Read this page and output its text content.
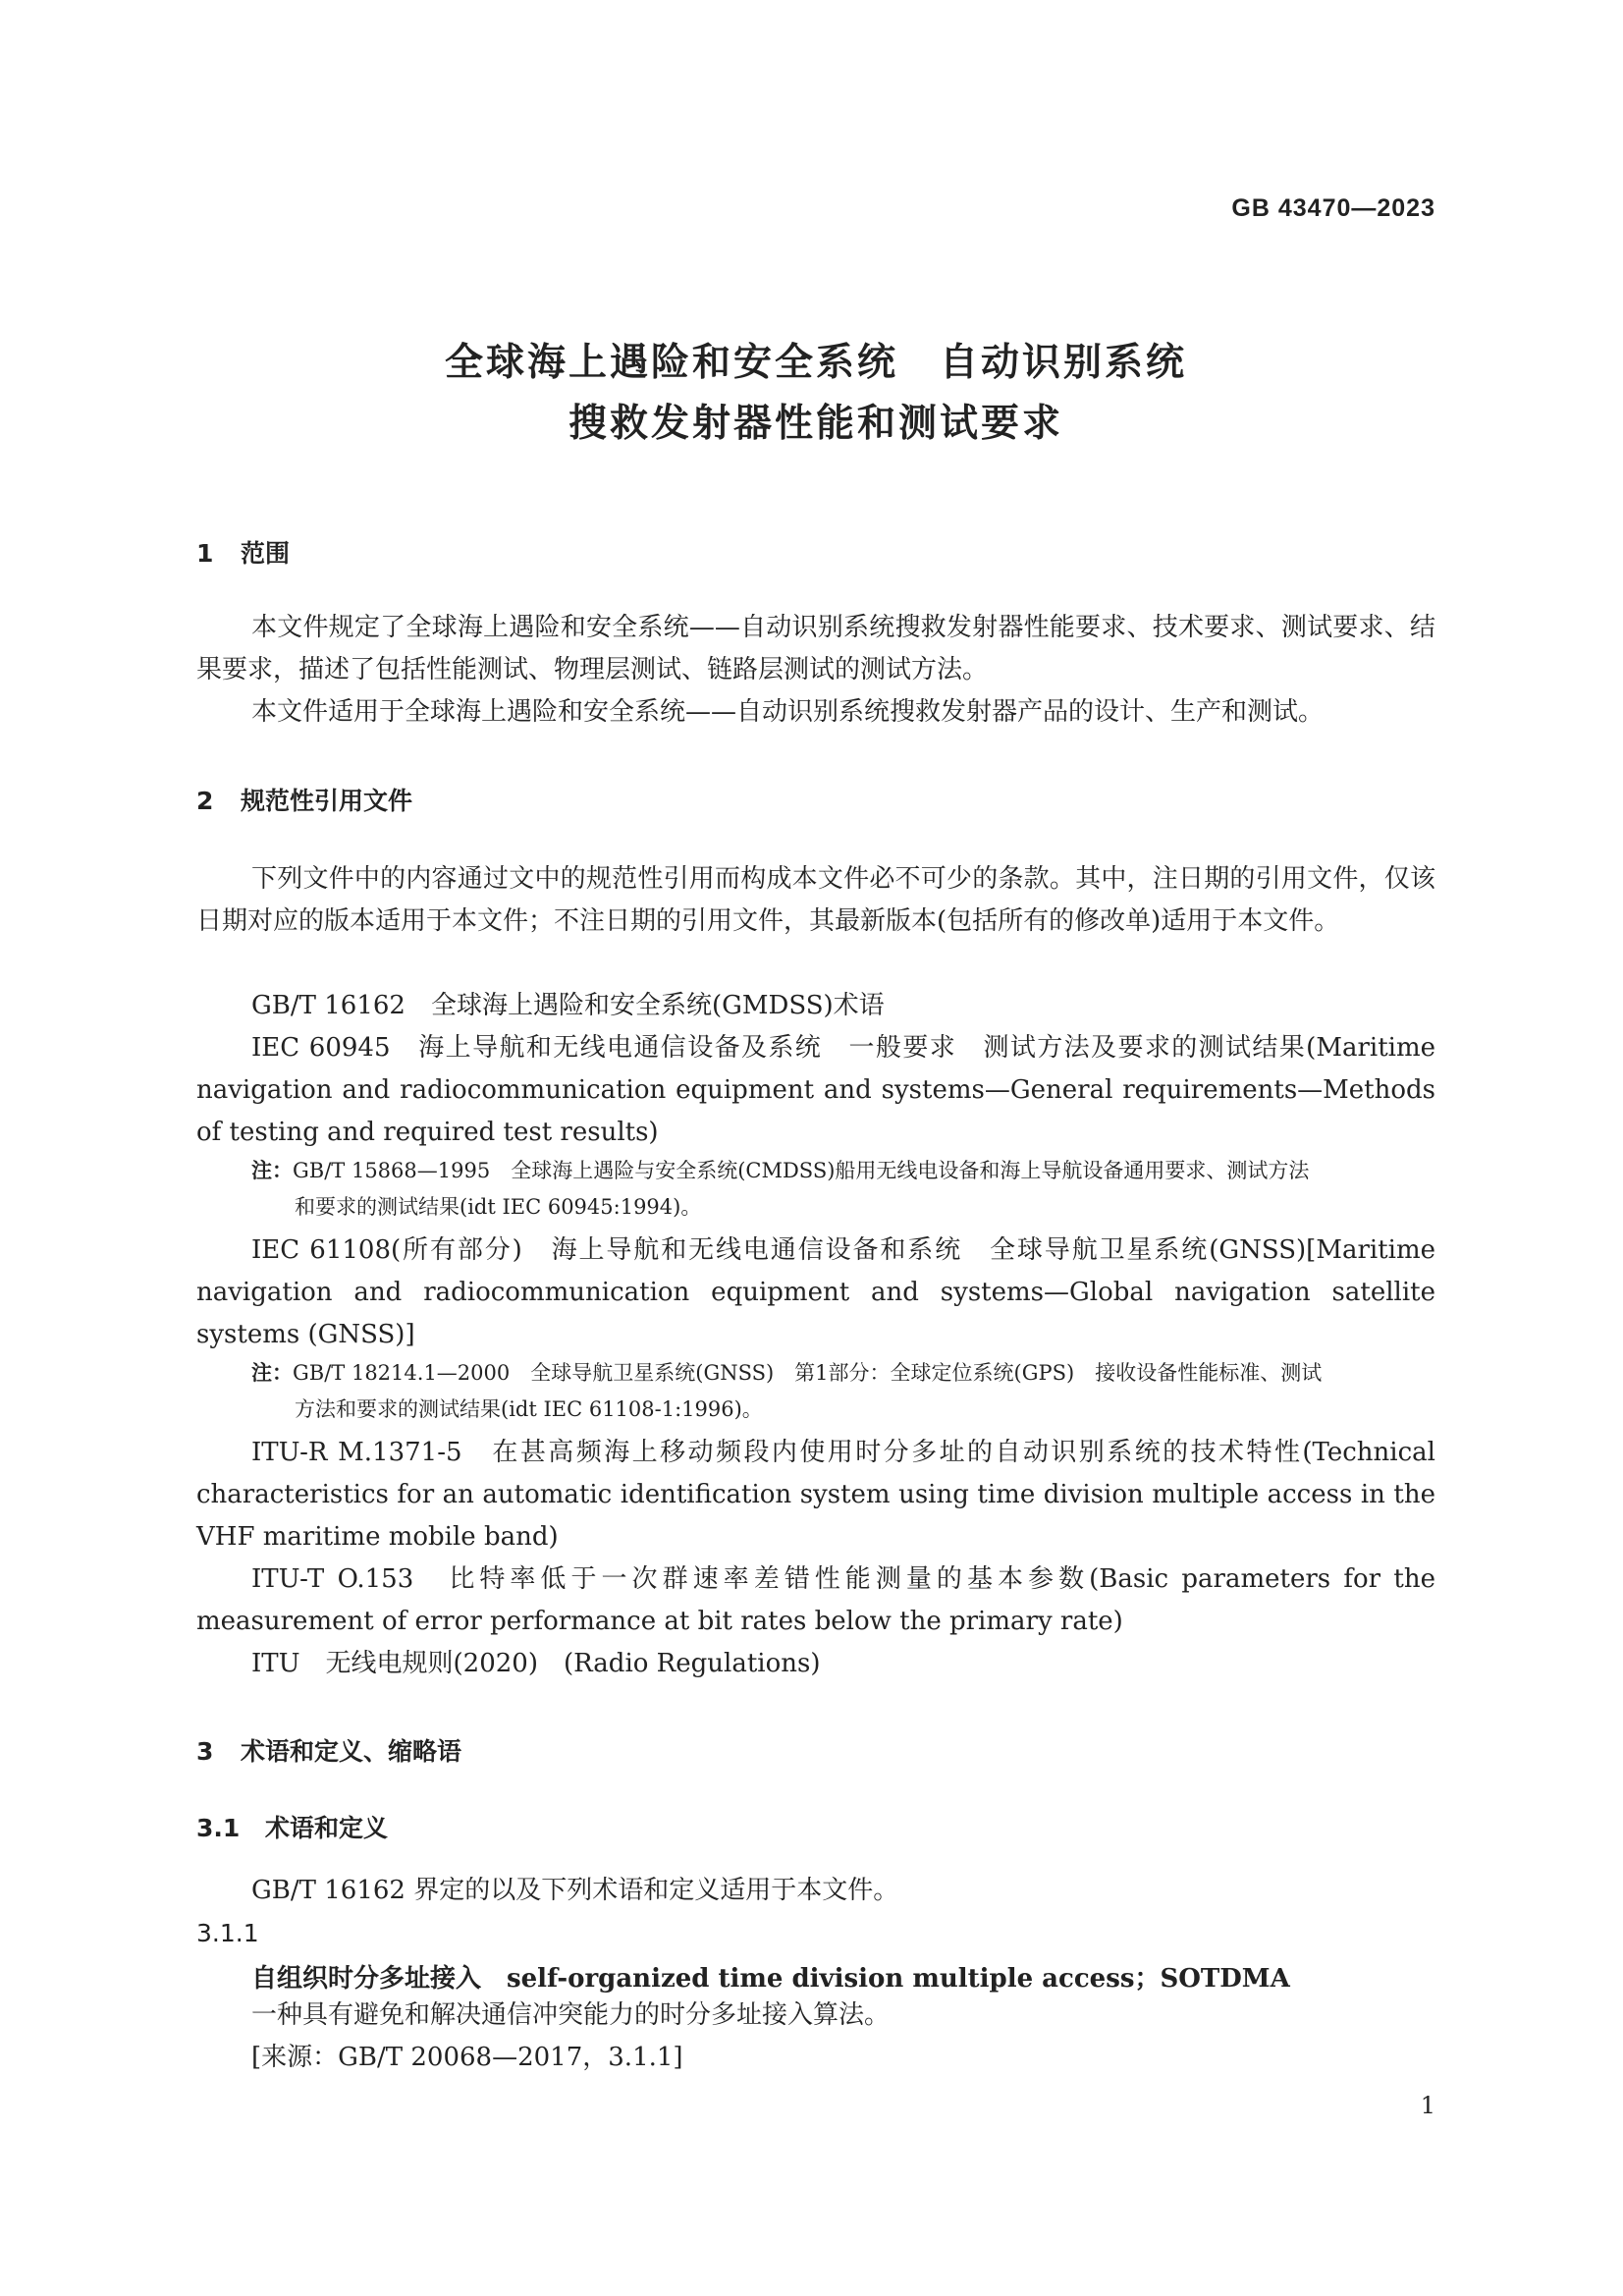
GB 43470—2023
全球海上遇险和安全系统　自动识别系统
搜救发射器性能和测试要求
1 范围
本文件规定了全球海上遇险和安全系统——自动识别系统搜救发射器性能要求、技术要求、测试要求、结果要求，描述了包括性能测试、物理层测试、链路层测试的测试方法。
本文件适用于全球海上遇险和安全系统——自动识别系统搜救发射器产品的设计、生产和测试。
2 规范性引用文件
下列文件中的内容通过文中的规范性引用而构成本文件必不可少的条款。其中，注日期的引用文件，仅该日期对应的版本适用于本文件；不注日期的引用文件，其最新版本(包括所有的修改单)适用于本文件。
GB/T 16162　全球海上遇险和安全系统(GMDSS)术语
IEC 60945　海上导航和无线电通信设备及系统　一般要求　测试方法及要求的测试结果(Maritime navigation and radiocommunication equipment and systems—General requirements—Methods of testing and required test results)
注：GB/T 15868—1995　全球海上遇险与安全系统(CMDSS)船用无线电设备和海上导航设备通用要求、测试方法
和要求的测试结果(idt IEC 60945:1994)。
IEC 61108(所有部分)　海上导航和无线电通信设备和系统　全球导航卫星系统(GNSS)[Maritime navigation and radiocommunication equipment and systems—Global navigation satellite systems (GNSS)]
注：GB/T 18214.1—2000　全球导航卫星系统(GNSS)　第1部分：全球定位系统(GPS)　接收设备性能标准、测试
方法和要求的测试结果(idt IEC 61108-1:1996)。
ITU-R M.1371-5　在甚高频海上移动频段内使用时分多址的自动识别系统的技术特性(Technical characteristics for an automatic identification system using time division multiple access in the VHF maritime mobile band)
ITU-T O.153　比特率低于一次群速率差错性能测量的基本参数(Basic parameters for the measurement of error performance at bit rates below the primary rate)
ITU　无线电规则(2020)　(Radio Regulations)
3 术语和定义、缩略语
3.1 术语和定义
GB/T 16162 界定的以及下列术语和定义适用于本文件。
3.1.1
自组织时分多址接入　self-organized time division multiple access；SOTDMA
一种具有避免和解决通信冲突能力的时分多址接入算法。
[来源：GB/T 20068—2017，3.1.1]
1
